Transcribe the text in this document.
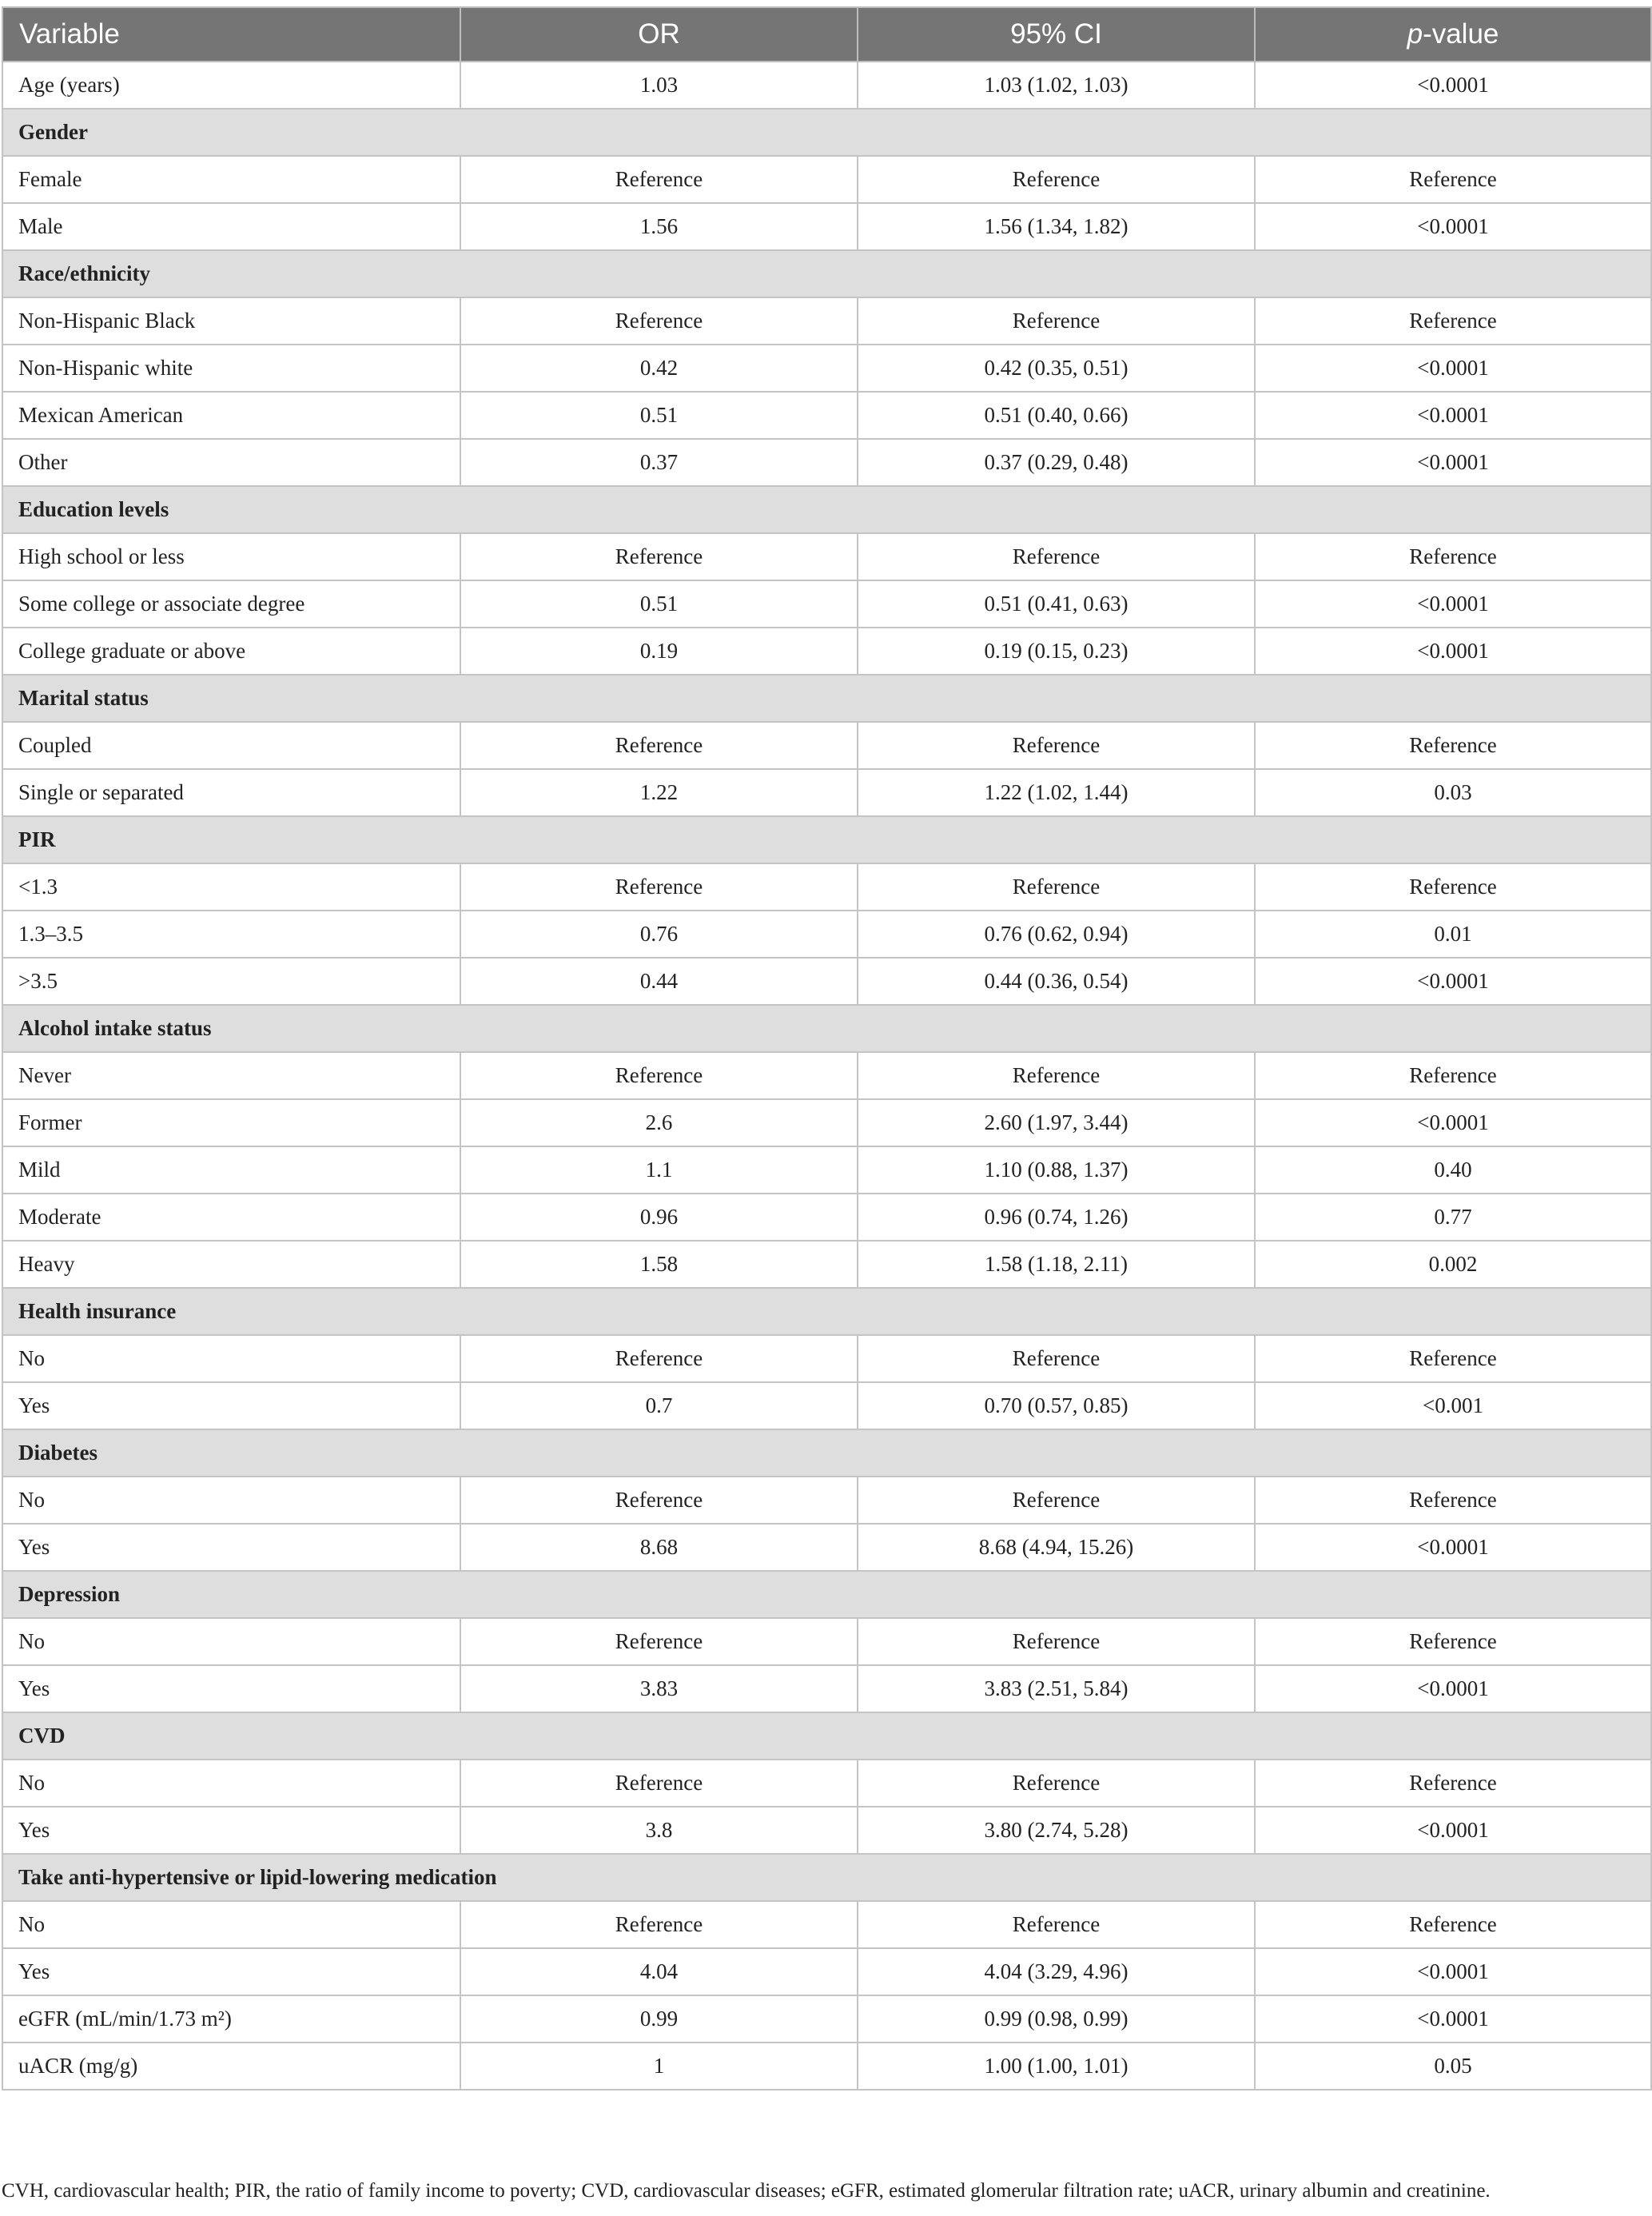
Variable	OR	95% CI	p-value
Age (years)	1.03	1.03 (1.02, 1.03)	<0.0001
Gender			
Female	Reference	Reference	Reference
Male	1.56	1.56 (1.34, 1.82)	<0.0001
Race/ethnicity			
Non-Hispanic Black	Reference	Reference	Reference
Non-Hispanic white	0.42	0.42 (0.35, 0.51)	<0.0001
Mexican American	0.51	0.51 (0.40, 0.66)	<0.0001
Other	0.37	0.37 (0.29, 0.48)	<0.0001
Education levels			
High school or less	Reference	Reference	Reference
Some college or associate degree	0.51	0.51 (0.41, 0.63)	<0.0001
College graduate or above	0.19	0.19 (0.15, 0.23)	<0.0001
Marital status			
Coupled	Reference	Reference	Reference
Single or separated	1.22	1.22 (1.02, 1.44)	0.03
PIR			
<1.3	Reference	Reference	Reference
1.3–3.5	0.76	0.76 (0.62, 0.94)	0.01
>3.5	0.44	0.44 (0.36, 0.54)	<0.0001
Alcohol intake status			
Never	Reference	Reference	Reference
Former	2.6	2.60 (1.97, 3.44)	<0.0001
Mild	1.1	1.10 (0.88, 1.37)	0.40
Moderate	0.96	0.96 (0.74, 1.26)	0.77
Heavy	1.58	1.58 (1.18, 2.11)	0.002
Health insurance			
No	Reference	Reference	Reference
Yes	0.7	0.70 (0.57, 0.85)	<0.001
Diabetes			
No	Reference	Reference	Reference
Yes	8.68	8.68 (4.94, 15.26)	<0.0001
Depression			
No	Reference	Reference	Reference
Yes	3.83	3.83 (2.51, 5.84)	<0.0001
CVD			
No	Reference	Reference	Reference
Yes	3.8	3.80 (2.74, 5.28)	<0.0001
Take anti-hypertensive or lipid-lowering medication			
No	Reference	Reference	Reference
Yes	4.04	4.04 (3.29, 4.96)	<0.0001
eGFR (mL/min/1.73 m²)	0.99	0.99 (0.98, 0.99)	<0.0001
uACR (mg/g)	1	1.00 (1.00, 1.01)	0.05
CVH, cardiovascular health; PIR, the ratio of family income to poverty; CVD, cardiovascular diseases; eGFR, estimated glomerular filtration rate; uACR, urinary albumin and creatinine.
